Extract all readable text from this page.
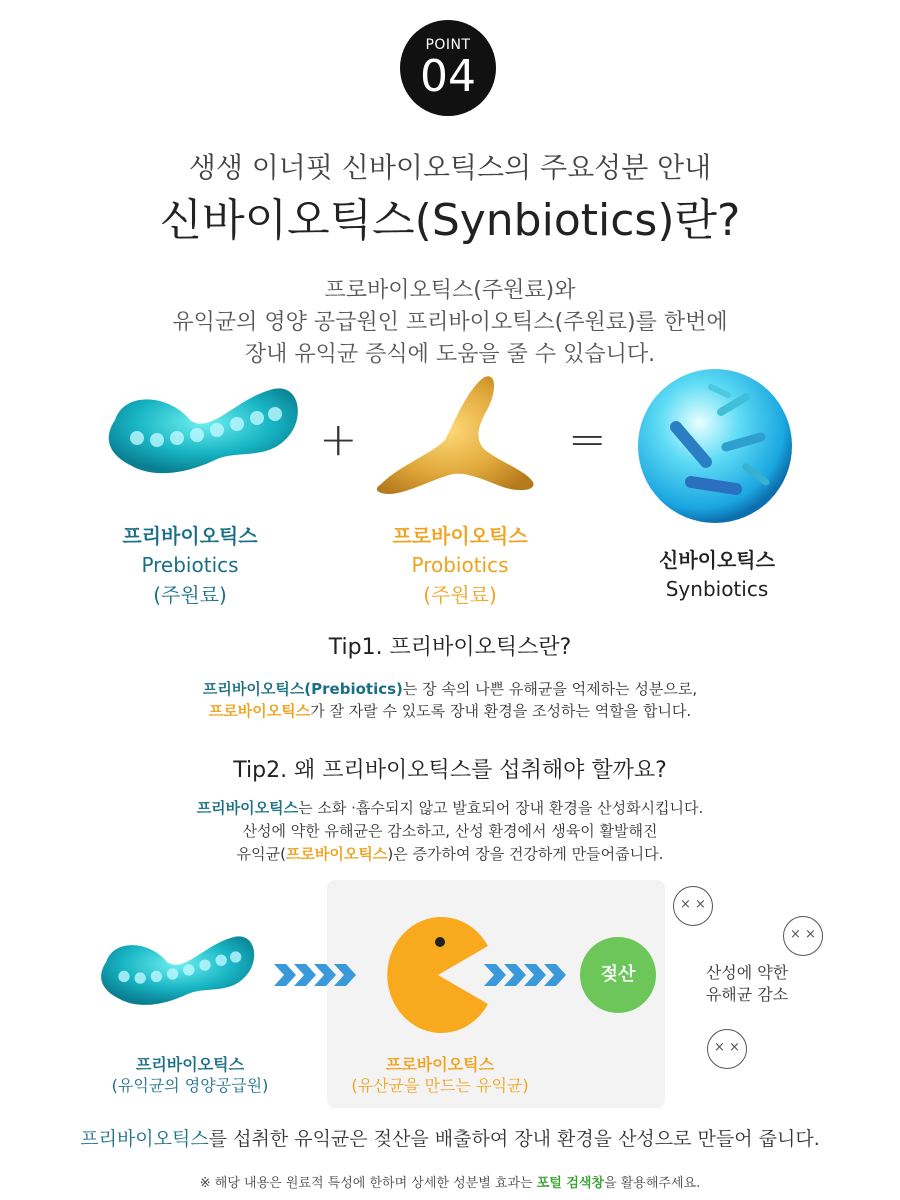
POINT
04
생생 이너핏 신바이오틱스의 주요성분 안내
신바이오틱스(Synbiotics)란?
프로바이오틱스(주원료)와
유익균의 영양 공급원인 프리바이오틱스(주원료)를 한번에
장내 유익균 증식에 도움을 줄 수 있습니다.
+	=
프리바이오틱스
Prebiotics
(주원료)
프로바이오틱스
Probiotics
(주원료)
신바이오틱스
Synbiotics
Tip1. 프리바이오틱스란?
프리바이오틱스(Prebiotics)는 장 속의 나쁜 유해균을 억제하는 성분으로,
프로바이오틱스가 잘 자랄 수 있도록 장내 환경을 조성하는 역할을 합니다.
Tip2. 왜 프리바이오틱스를 섭취해야 할까요?
프리바이오틱스는 소화 ·흡수되지 않고 발효되어 장내 환경을 산성화시킵니다.
산성에 약한 유해균은 감소하고, 산성 환경에서 생육이 활발해진
유익균(프로바이오틱스)은 증가하여 장을 건강하게 만들어줍니다.
젖산
× ×
× ×
× ×
산성에 약한
유해균 감소
프리바이오틱스
(유익균의 영양공급원)
프로바이오틱스
(유산균을 만드는 유익균)
프리바이오틱스를 섭취한 유익균은 젖산을 배출하여 장내 환경을 산성으로 만들어 줍니다.
※ 해당 내용은 원료적 특성에 한하며 상세한 성분별 효과는 포털 검색창을 활용해주세요.
